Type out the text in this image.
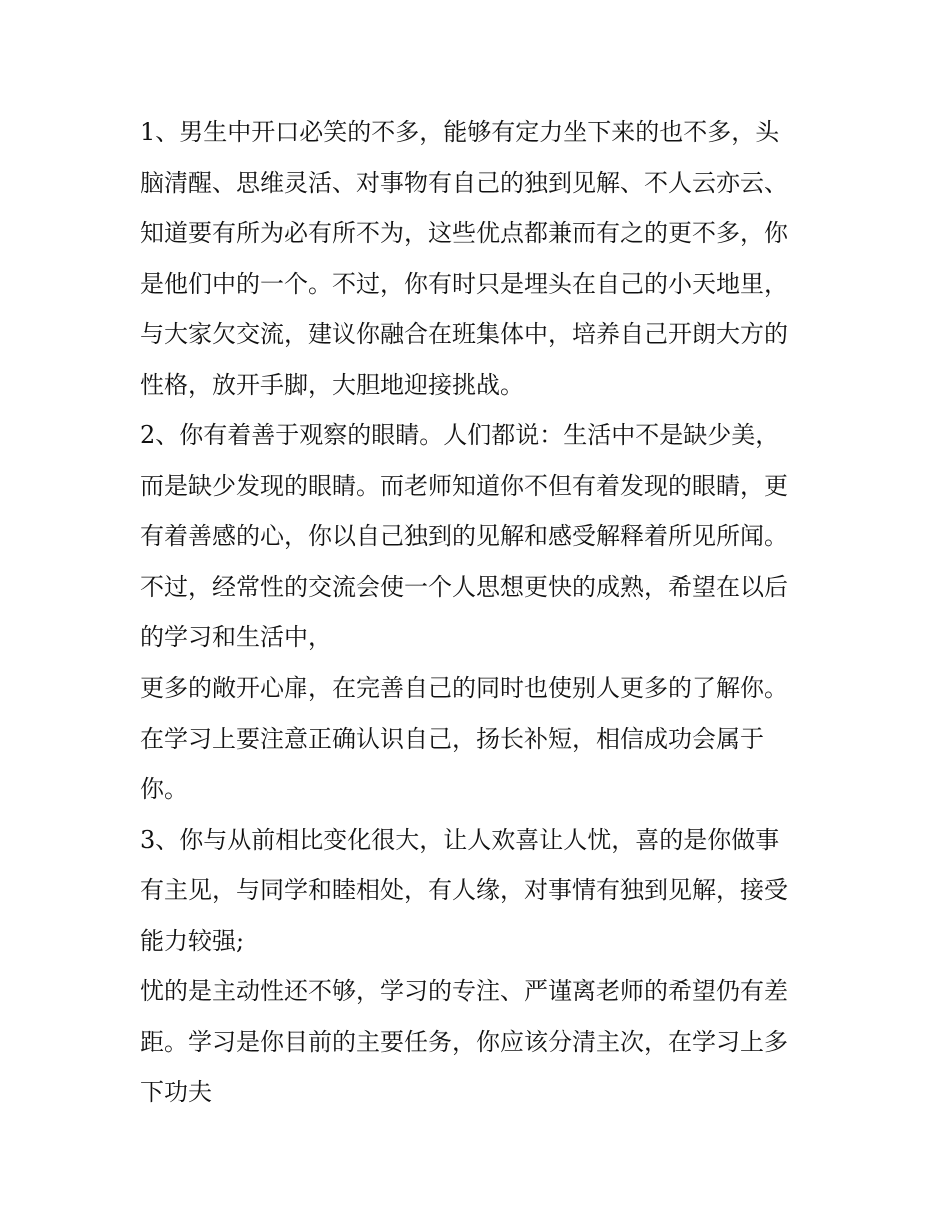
1、男生中开口必笑的不多，能够有定力坐下来的也不多，头
脑清醒、思维灵活、对事物有自己的独到见解、不人云亦云、
知道要有所为必有所不为，这些优点都兼而有之的更不多，你
是他们中的一个。不过，你有时只是埋头在自己的小天地里，
与大家欠交流，建议你融合在班集体中，培养自己开朗大方的
性格，放开手脚，大胆地迎接挑战。
2、你有着善于观察的眼睛。人们都说：生活中不是缺少美，
而是缺少发现的眼睛。而老师知道你不但有着发现的眼睛，更
有着善感的心，你以自己独到的见解和感受解释着所见所闻。
不过，经常性的交流会使一个人思想更快的成熟，希望在以后
的学习和生活中，
更多的敞开心扉，在完善自己的同时也使别人更多的了解你。
在学习上要注意正确认识自己，扬长补短，相信成功会属于
你。
3、你与从前相比变化很大，让人欢喜让人忧，喜的是你做事
有主见，与同学和睦相处，有人缘，对事情有独到见解，接受
能力较强;
忧的是主动性还不够，学习的专注、严谨离老师的希望仍有差
距。学习是你目前的主要任务，你应该分清主次，在学习上多
下功夫
